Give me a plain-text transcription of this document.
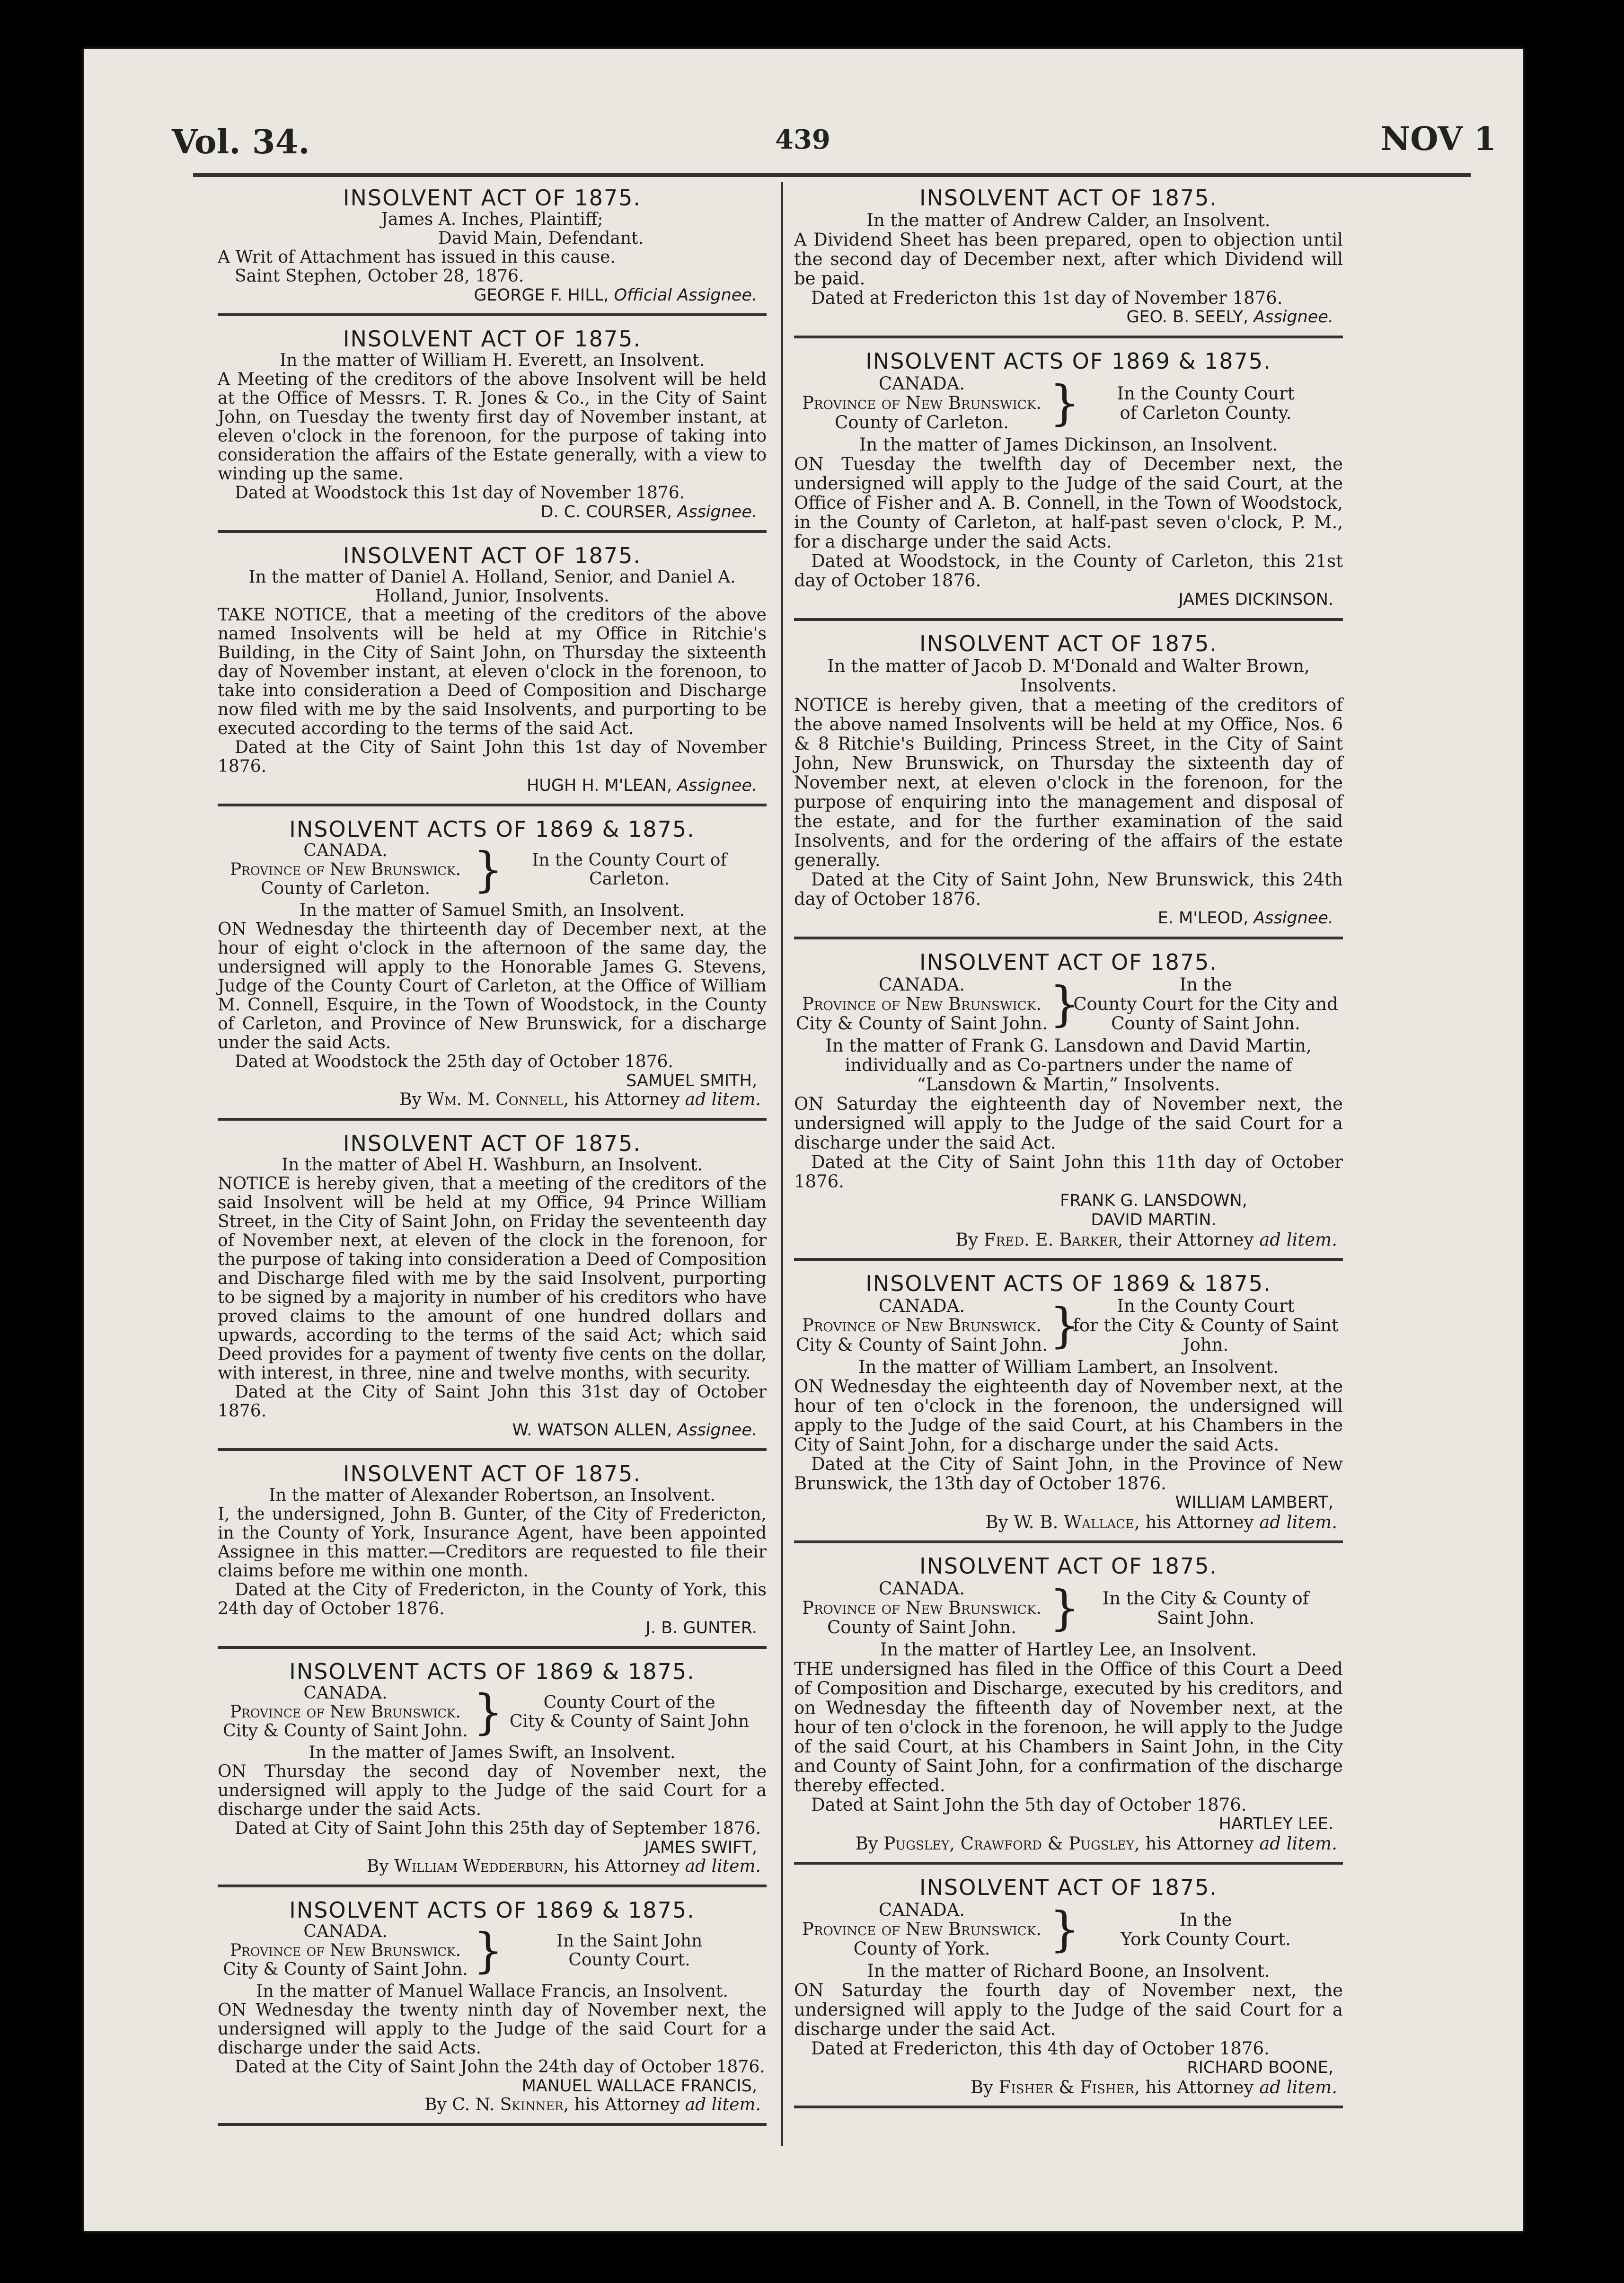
Vol. 34.	439	NOV 1
INSOLVENT ACT OF 1875.

James A. Inches, Plaintiff;

David Main, Defendant.

A Writ of Attachment has issued in this cause.

Saint Stephen, October 28, 1876.

GEORGE F. HILL, Official Assignee.

INSOLVENT ACT OF 1875.

In the matter of William H. Everett, an Insolvent.

A Meeting of the creditors of the above Insolvent will be held at the Office of Messrs. T. R. Jones & Co., in the City of Saint John, on Tuesday the twenty first day of November instant, at eleven o'clock in the forenoon, for the purpose of taking into consideration the affairs of the Estate generally, with a view to winding up the same.

Dated at Woodstock this 1st day of November 1876.

D. C. COURSER, Assignee.

INSOLVENT ACT OF 1875.

In the matter of Daniel A. Holland, Senior, and Daniel A. Holland, Junior, Insolvents.

TAKE NOTICE, that a meeting of the creditors of the above named Insolvents will be held at my Office in Ritchie's Building, in the City of Saint John, on Thursday the sixteenth day of November instant, at eleven o'clock in the forenoon, to take into consideration a Deed of Composition and Discharge now filed with me by the said Insolvents, and purporting to be executed according to the terms of the said Act.

Dated at the City of Saint John this 1st day of November 1876.

HUGH H. M'LEAN, Assignee.

INSOLVENT ACTS OF 1869 & 1875.
CANADA.
Province of New Brunswick.
County of Carleton. }	In the County Court of
Carleton.

In the matter of Samuel Smith, an Insolvent.

ON Wednesday the thirteenth day of December next, at the hour of eight o'clock in the afternoon of the same day, the undersigned will apply to the Honorable James G. Stevens, Judge of the County Court of Carleton, at the Office of William M. Connell, Esquire, in the Town of Woodstock, in the County of Carleton, and Province of New Brunswick, for a discharge under the said Acts.

Dated at Woodstock the 25th day of October 1876.

SAMUEL SMITH,

By Wm. M. Connell, his Attorney ad litem.

INSOLVENT ACT OF 1875.

In the matter of Abel H. Washburn, an Insolvent.

NOTICE is hereby given, that a meeting of the creditors of the said Insolvent will be held at my Office, 94 Prince William Street, in the City of Saint John, on Friday the seventeenth day of November next, at eleven of the clock in the forenoon, for the purpose of taking into consideration a Deed of Composition and Discharge filed with me by the said Insolvent, purporting to be signed by a majority in number of his creditors who have proved claims to the amount of one hundred dollars and upwards, according to the terms of the said Act; which said Deed provides for a payment of twenty five cents on the dollar, with interest, in three, nine and twelve months, with security.

Dated at the City of Saint John this 31st day of October 1876.

W. WATSON ALLEN, Assignee.

INSOLVENT ACT OF 1875.

In the matter of Alexander Robertson, an Insolvent.

I, the undersigned, John B. Gunter, of the City of Fredericton, in the County of York, Insurance Agent, have been appointed Assignee in this matter.—Creditors are requested to file their claims before me within one month.

Dated at the City of Fredericton, in the County of York, this 24th day of October 1876.

J. B. GUNTER.

INSOLVENT ACTS OF 1869 & 1875.
CANADA.
Province of New Brunswick.
City & County of Saint John. }	County Court of the
City & County of Saint John

In the matter of James Swift, an Insolvent.

ON Thursday the second day of November next, the undersigned will apply to the Judge of the said Court for a discharge under the said Acts.

Dated at City of Saint John this 25th day of September 1876.

JAMES SWIFT,

By William Wedderburn, his Attorney ad litem.

INSOLVENT ACTS OF 1869 & 1875.
CANADA.
Province of New Brunswick.
City & County of Saint John. }	In the Saint John
County Court.

In the matter of Manuel Wallace Francis, an Insolvent.

ON Wednesday the twenty ninth day of November next, the undersigned will apply to the Judge of the said Court for a discharge under the said Acts.

Dated at the City of Saint John the 24th day of October 1876.

MANUEL WALLACE FRANCIS,

By C. N. Skinner, his Attorney ad litem.

INSOLVENT ACT OF 1875.

In the matter of Andrew Calder, an Insolvent.

A Dividend Sheet has been prepared, open to objection until the second day of December next, after which Dividend will be paid.

Dated at Fredericton this 1st day of November 1876.

GEO. B. SEELY, Assignee.

INSOLVENT ACTS OF 1869 & 1875.
CANADA.
Province of New Brunswick.
County of Carleton. }	In the County Court
of Carleton County.

In the matter of James Dickinson, an Insolvent.

ON Tuesday the twelfth day of December next, the undersigned will apply to the Judge of the said Court, at the Office of Fisher and A. B. Connell, in the Town of Woodstock, in the County of Carleton, at half-past seven o'clock, P. M., for a discharge under the said Acts.

Dated at Woodstock, in the County of Carleton, this 21st day of October 1876.

JAMES DICKINSON.

INSOLVENT ACT OF 1875.

In the matter of Jacob D. M'Donald and Walter Brown, Insolvents.

NOTICE is hereby given, that a meeting of the creditors of the above named Insolvents will be held at my Office, Nos. 6 & 8 Ritchie's Building, Princess Street, in the City of Saint John, New Brunswick, on Thursday the sixteenth day of November next, at eleven o'clock in the forenoon, for the purpose of enquiring into the management and disposal of the estate, and for the further examination of the said Insolvents, and for the ordering of the affairs of the estate generally.

Dated at the City of Saint John, New Brunswick, this 24th day of October 1876.

E. M'LEOD, Assignee.

INSOLVENT ACT OF 1875.
CANADA.
Province of New Brunswick.
City & County of Saint John. }	In the
County Court for the City and
County of Saint John.

In the matter of Frank G. Lansdown and David Martin, individually and as Co-partners under the name of “Lansdown & Martin,” Insolvents.

ON Saturday the eighteenth day of November next, the undersigned will apply to the Judge of the said Court for a discharge under the said Act.

Dated at the City of Saint John this 11th day of October 1876.

FRANK G. LANSDOWN,

DAVID MARTIN.

By Fred. E. Barker, their Attorney ad litem.

INSOLVENT ACTS OF 1869 & 1875.
CANADA.
Province of New Brunswick.
City & County of Saint John. }	In the County Court
for the City & County of Saint John.

In the matter of William Lambert, an Insolvent.

ON Wednesday the eighteenth day of November next, at the hour of ten o'clock in the forenoon, the undersigned will apply to the Judge of the said Court, at his Chambers in the City of Saint John, for a discharge under the said Acts.

Dated at the City of Saint John, in the Province of New Brunswick, the 13th day of October 1876.

WILLIAM LAMBERT,

By W. B. Wallace, his Attorney ad litem.

INSOLVENT ACT OF 1875.
CANADA.
Province of New Brunswick.
County of Saint John. }	In the City & County of
Saint John.

In the matter of Hartley Lee, an Insolvent.

THE undersigned has filed in the Office of this Court a Deed of Composition and Discharge, executed by his creditors, and on Wednesday the fifteenth day of November next, at the hour of ten o'clock in the forenoon, he will apply to the Judge of the said Court, at his Chambers in Saint John, in the City and County of Saint John, for a confirmation of the discharge thereby effected.

Dated at Saint John the 5th day of October 1876.

HARTLEY LEE.

By Pugsley, Crawford & Pugsley, his Attorney ad litem.

INSOLVENT ACT OF 1875.
CANADA.
Province of New Brunswick.
County of York.	}	In the
York County Court.

In the matter of Richard Boone, an Insolvent.

ON Saturday the fourth day of November next, the undersigned will apply to the Judge of the said Court for a discharge under the said Act.

Dated at Fredericton, this 4th day of October 1876.

RICHARD BOONE,

By Fisher & Fisher, his Attorney ad litem.
